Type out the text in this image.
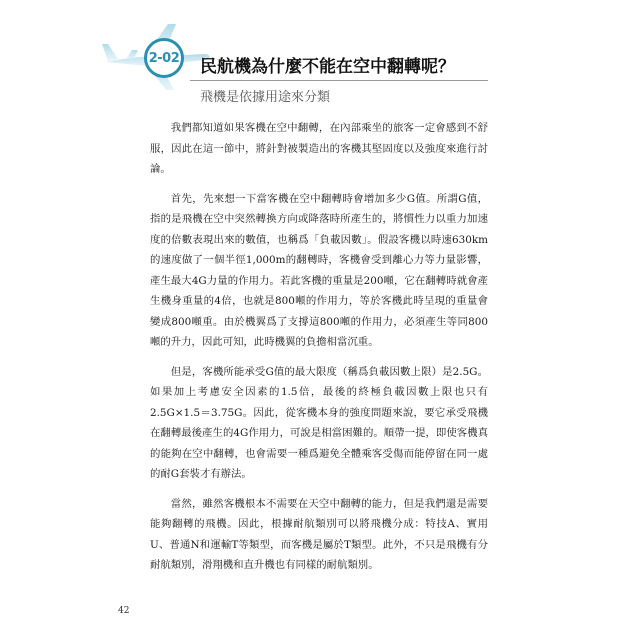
2-02 民航機為什麼不能在空中翻轉呢？
飛機是依據用途來分類

我們都知道如果客機在空中翻轉，在內部乘坐的旅客一定會感到不舒服，因此在這一節中，將針對被製造出的客機其堅固度以及強度來進行討論。

首先，先來想一下當客機在空中翻轉時會增加多少G值。所謂G值，指的是飛機在空中突然轉換方向或降落時所產生的，將慣性力以重力加速度的倍數表現出來的數值，也稱爲「負載因數」。假設客機以時速630km的速度做了一個半徑1,000m的翻轉時，客機會受到離心力等力量影響，產生最大4G力量的作用力。若此客機的重量是200噸，它在翻轉時就會產生機身重量的4倍，也就是800噸的作用力，等於客機此時呈現的重量會變成800噸重。由於機翼爲了支撐這800噸的作用力，必須產生等同800噸的升力，因此可知，此時機翼的負擔相當沉重。

但是，客機所能承受G值的最大限度（稱爲負載因數上限）是2.5G。如果加上考慮安全因素的1.5倍，最後的終極負載因數上限也只有2.5G×1.5＝3.75G。因此，從客機本身的強度問題來說，要它承受飛機在翻轉最後產生的4G作用力，可說是相當困難的。順帶一提，即使客機真的能夠在空中翻轉，也會需要一種爲避免全體乘客受傷而能停留在同一處的耐G套裝才有辦法。

當然，雖然客機根本不需要在天空中翻轉的能力，但是我們還是需要能夠翻轉的飛機。因此，根據耐航類別可以將飛機分成：特技A、實用U、普通N和運輸T等類型，而客機是屬於T類型。此外，不只是飛機有分耐航類別，滑翔機和直升機也有同樣的耐航類別。

42
